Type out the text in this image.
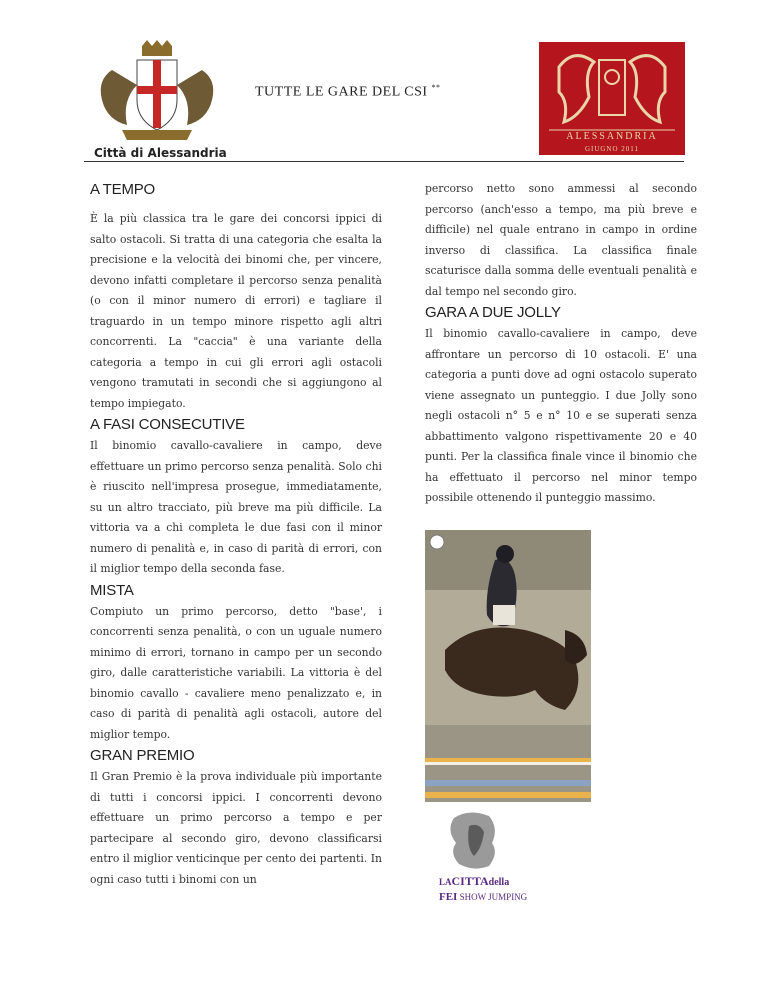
Città di Alessandria
TUTTE LE GARE DEL CSI **
ALESSANDRIA
GIUGNO 2011
A TEMPO

È la più classica tra le gare dei concorsi ippici di salto ostacoli. Si tratta di una categoria che esalta la precisione e la velocità dei binomi che, per vincere, devono infatti completare il percorso senza penalità (o con il minor numero di errori) e tagliare il traguardo in un tempo minore rispetto agli altri concorrenti. La "caccia" è una variante della categoria a tempo in cui gli errori agli ostacoli vengono tramutati in secondi che si aggiungono al tempo impiegato.

A FASI CONSECUTIVE

Il binomio cavallo-cavaliere in campo, deve effettuare un primo percorso senza penalità. Solo chi è riuscito nell'impresa prosegue, immediatamente, su un altro tracciato, più breve ma più difficile. La vittoria va a chi completa le due fasi con il minor numero di penalità e, in caso di parità di errori, con il miglior tempo della seconda fase.

MISTA

Compiuto un primo percorso, detto "base', i concorrenti senza penalità, o con un uguale numero minimo di errori, tornano in campo per un secondo giro, dalle caratteristiche variabili. La vittoria è del binomio cavallo - cavaliere meno penalizzato e, in caso di parità di penalità agli ostacoli, autore del miglior tempo.

GRAN PREMIO

Il Gran Premio è la prova individuale più importante di tutti i concorsi ippici. I concorrenti devono effettuare un primo percorso a tempo e per partecipare al secondo giro, devono classificarsi entro il miglior venticinque per cento dei partenti. In ogni caso tutti i binomi con un

percorso netto sono ammessi al secondo percorso (anch'esso a tempo, ma più breve e difficile) nel quale entrano in campo in ordine inverso di classifica. La classifica finale scaturisce dalla somma delle eventuali penalità e dal tempo nel secondo giro.

GARA A DUE JOLLY

Il binomio cavallo-cavaliere in campo, deve affrontare un percorso di 10 ostacoli. E' una categoria a punti dove ad ogni ostacolo superato viene assegnato un punteggio. I due Jolly sono negli ostacoli n° 5 e n° 10 e se superati senza abbattimento valgono rispettivamente 20 e 40 punti. Per la classifica finale vince il binomio che ha effettuato il percorso nel minor tempo possibile ottenendo il punteggio massimo.

LACITTAdella
FEI SHOW JUMPING
